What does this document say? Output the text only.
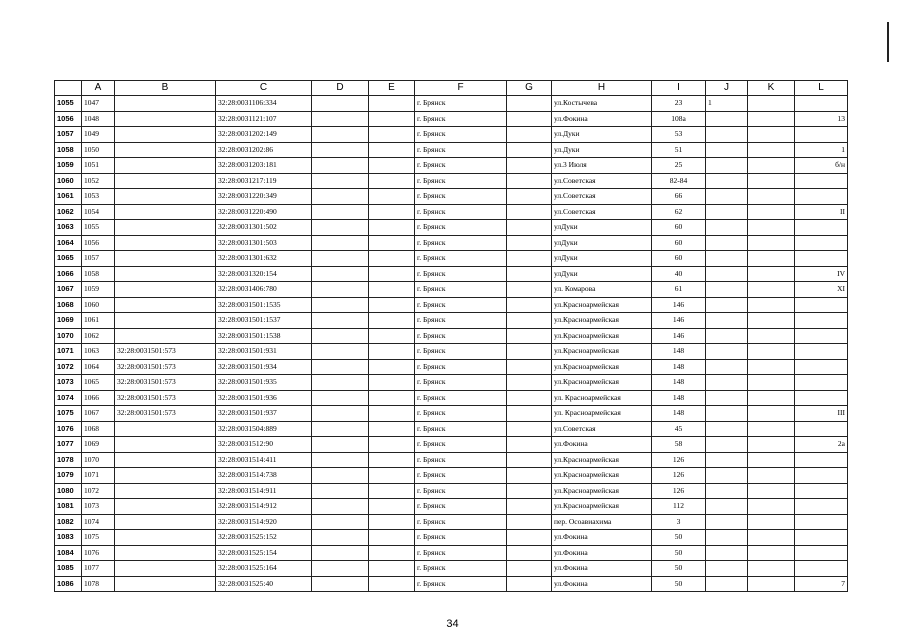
	A	B	C	D	E	F	G	H	I	J	K	L
1055	1047		32:28:0031106:334			г. Брянск		ул.Костычева	23	1		
1056	1048		32:28:0031121:107			г. Брянск		ул.Фокина	108а			13
1057	1049		32:28:0031202:149			г. Брянск		ул.Дуки	53			
1058	1050		32:28:0031202:86			г. Брянск		ул.Дуки	51			1
1059	1051		32:28:0031203:181			г. Брянск		ул.3 Июля	25			б/н
1060	1052		32:28:0031217:119			г. Брянск		ул.Советская	82-84			
1061	1053		32:28:0031220:349			г. Брянск		ул.Советская	66			
1062	1054		32:28:0031220:490			г. Брянск		ул.Советская	62			II
1063	1055		32:28:0031301:502			г. Брянск		улДуки	60			
1064	1056		32:28:0031301:503			г. Брянск		улДуки	60			
1065	1057		32:28:0031301:632			г. Брянск		улДуки	60			
1066	1058		32:28:0031320:154			г. Брянск		улДуки	40			IV
1067	1059		32:28:0031406:780			г. Брянск		ул. Комарова	61			XI
1068	1060		32:28:0031501:1535			г. Брянск		ул.Красноармейская	146			
1069	1061		32:28:0031501:1537			г. Брянск		ул.Красноармейская	146			
1070	1062		32:28:0031501:1538			г. Брянск		ул.Красноармейская	146			
1071	1063	32:28:0031501:573	32:28:0031501:931			г. Брянск		ул.Красноармейская	148			
1072	1064	32:28:0031501:573	32:28:0031501:934			г. Брянск		ул.Красноармейская	148			
1073	1065	32:28:0031501:573	32:28:0031501:935			г. Брянск		ул.Красноармейская	148			
1074	1066	32:28:0031501:573	32:28:0031501:936			г. Брянск		ул. Красноармейская	148			
1075	1067	32:28:0031501:573	32:28:0031501:937			г. Брянск		ул. Красноармейская	148			III
1076	1068		32:28:0031504:889			г. Брянск		ул.Советская	45			
1077	1069		32:28:0031512:90			г. Брянск		ул.Фокина	58			2а
1078	1070		32:28:0031514:411			г. Брянск		ул.Красноармейская	126			
1079	1071		32:28:0031514:738			г. Брянск		ул.Красноармейская	126			
1080	1072		32:28:0031514:911			г. Брянск		ул.Красноармейская	126			
1081	1073		32:28:0031514:912			г. Брянск		ул.Красноармейская	112			
1082	1074		32:28:0031514:920			г. Брянск		пер. Осоавиахима	3			
1083	1075		32:28:0031525:152			г. Брянск		ул.Фокина	50			
1084	1076		32:28:0031525:154			г. Брянск		ул.Фокина	50			
1085	1077		32:28:0031525:164			г. Брянск		ул.Фокина	50			
1086	1078		32:28:0031525:40			г. Брянск		ул.Фокина	50			7
34
